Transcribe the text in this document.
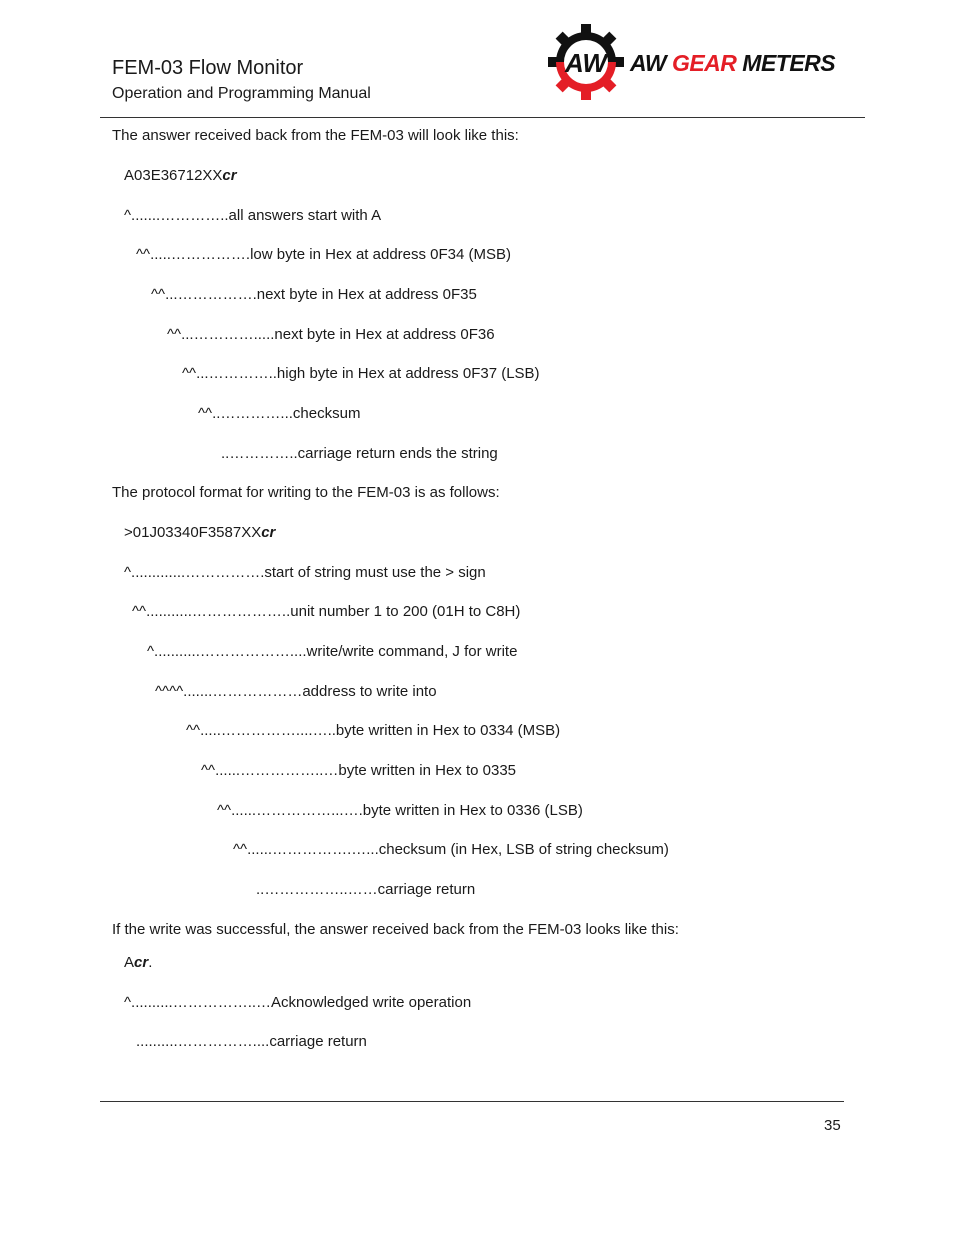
FEM-03 Flow Monitor
Operation and Programming Manual
AW AW GEAR METERS
The answer received back from the FEM-03 will look like this:
A03E36712XXcr
^.......…………..all answers start with A
^^.....…………….low byte in Hex at address 0F34 (MSB)
^^...…………….next byte in Hex at address 0F35
^^...………….....next byte in Hex at address 0F36
^^...…………..high byte in Hex at address 0F37 (LSB)
^^..…………...checksum
..…………..carriage return ends the string
The protocol format for writing to the FEM-03 is as follows:
>01J03340F3587XXcr
^.............…………….start of string must use the > sign
^^...........………………..unit number 1 to 200 (01H to C8H)
^...........………………....write/write command, J for write
^^^^.......………………address to write into
^^.....……………....…..byte written in Hex to 0334 (MSB)
^^......……………..…byte written in Hex to 0335
^^......……………...….byte written in Hex to 0336 (LSB)
^^......…………….…...checksum (in Hex, LSB of string checksum)
..……………..……carriage return
If the write was successful, the answer received back from the FEM-03 looks like this:
Acr.
^..........……………..…Acknowledged write operation
..........……………....carriage return
35
